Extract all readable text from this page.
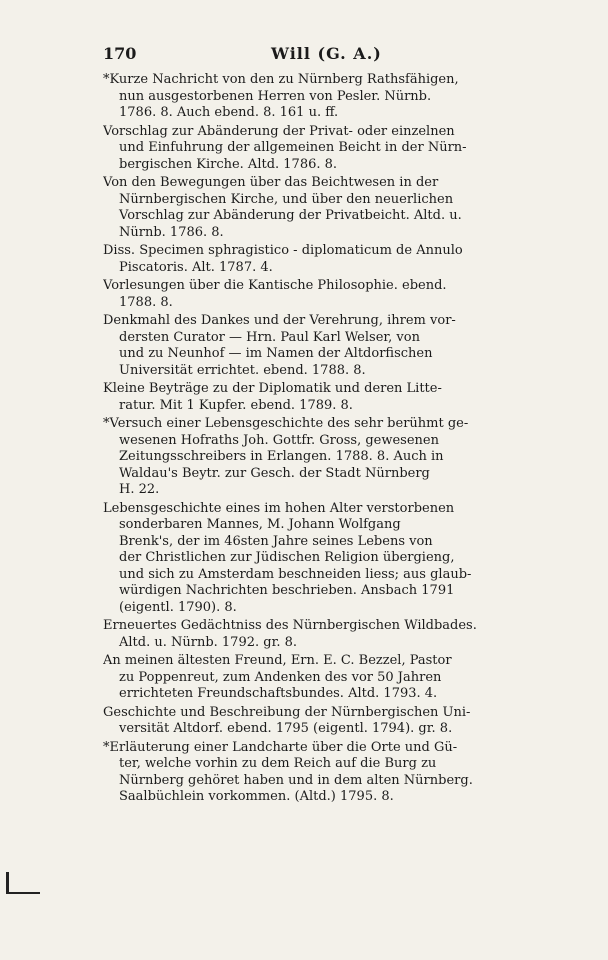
170	Will (G. A.)
*Kurze Nachricht von den zu Nürnberg Rathsfähigen,
nun ausgestorbenen Herren von Pesler. Nürnb.
1786. 8. Auch ebend. 8. 161 u. ff.
Vorschlag zur Abänderung der Privat- oder einzelnen
und Einfuhrung der allgemeinen Beicht in der Nürn-
bergischen Kirche. Altd. 1786. 8.
Von den Bewegungen über das Beichtwesen in der
Nürnbergischen Kirche, und über den neuerlichen
Vorschlag zur Abänderung der Privatbeicht. Altd. u.
Nürnb. 1786. 8.
Diss. Specimen sphragistico - diplomaticum de Annulo
Piscatoris. Alt. 1787. 4.
Vorlesungen über die Kantische Philosophie. ebend.
1788. 8.
Denkmahl des Dankes und der Verehrung, ihrem vor-
dersten Curator — Hrn. Paul Karl Welser, von
und zu Neunhof — im Namen der Altdorfischen
Universität errichtet. ebend. 1788. 8.
Kleine Beyträge zu der Diplomatik und deren Litte-
ratur. Mit 1 Kupfer. ebend. 1789. 8.
*Versuch einer Lebensgeschichte des sehr berühmt ge-
wesenen Hofraths Joh. Gottfr. Gross, gewesenen
Zeitungsschreibers in Erlangen. 1788. 8. Auch in
Waldau's Beytr. zur Gesch. der Stadt Nürnberg
H. 22.
Lebensgeschichte eines im hohen Alter verstorbenen
sonderbaren Mannes, M. Johann Wolfgang
Brenk's, der im 46sten Jahre seines Lebens von
der Christlichen zur Jüdischen Religion übergieng,
und sich zu Amsterdam beschneiden liess; aus glaub-
würdigen Nachrichten beschrieben. Ansbach 1791
(eigentl. 1790). 8.
Erneuertes Gedächtniss des Nürnbergischen Wildbades.
Altd. u. Nürnb. 1792. gr. 8.
An meinen ältesten Freund, Ern. E. C. Bezzel, Pastor
zu Poppenreut, zum Andenken des vor 50 Jahren
errichteten Freundschaftsbundes. Altd. 1793. 4.
Geschichte und Beschreibung der Nürnbergischen Uni-
versität Altdorf. ebend. 1795 (eigentl. 1794). gr. 8.
*Erläuterung einer Landcharte über die Orte und Gü-
ter, welche vorhin zu dem Reich auf die Burg zu
Nürnberg gehöret haben und in dem alten Nürnberg.
Saalbüchlein vorkommen. (Altd.) 1795. 8.
